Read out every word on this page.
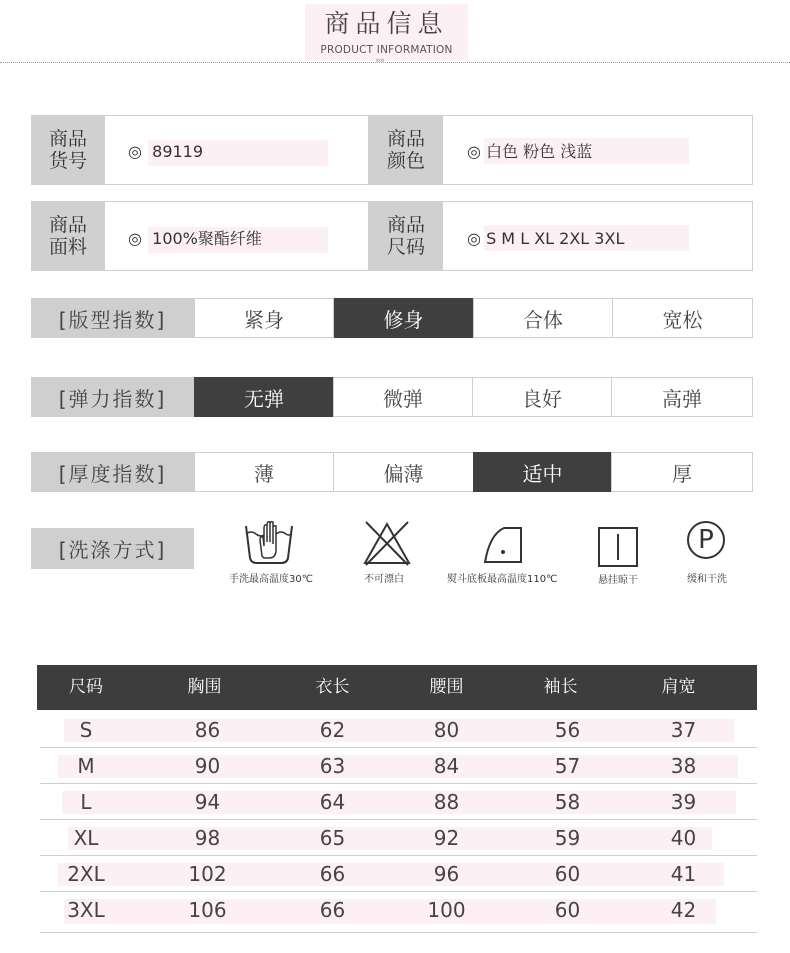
商品信息
PRODUCT INFORMATION
»»
商品
货号	◎ 89119
商品
颜色	◎ 白色 粉色 浅蓝
商品
面料	◎ 100%聚酯纤维
商品
尺码	◎ S M L XL 2XL 3XL
[版型指数]	紧身	修身	合体	宽松
[弹力指数]	无弹	微弹	良好	高弹
[厚度指数]	薄	偏薄	适中	厚
[洗涤方式]
手洗最高温度30℃	不可漂白	熨斗底板最高温度110℃	悬挂晾干
P
缓和干洗
尺码	胸围	衣长	腰围	袖长	肩宽
S	86	62	80	56	37
M	90	63	84	57	38
L	94	64	88	58	39
XL	98	65	92	59	40
2XL	102	66	96	60	41
3XL	106	66	100	60	42
